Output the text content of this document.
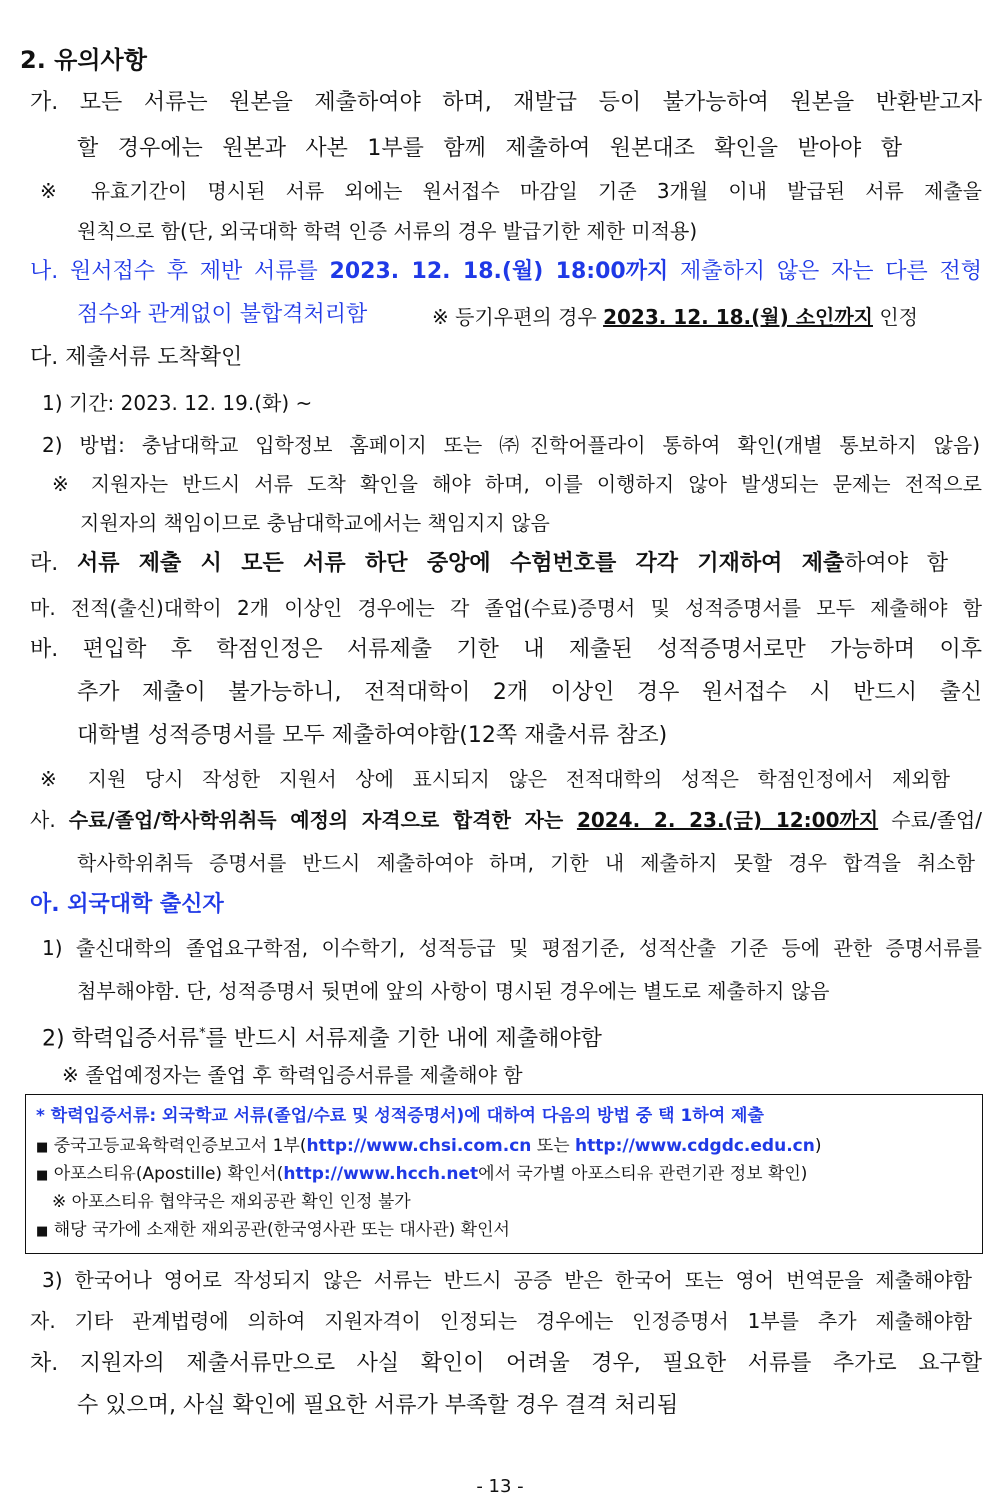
2. 유의사항
가. 모든 서류는 원본을 제출하여야 하며, 재발급 등이 불가능하여 원본을 반환받고자
할 경우에는 원본과 사본 1부를 함께 제출하여 원본대조 확인을 받아야 함
※ 유효기간이 명시된 서류 외에는 원서접수 마감일 기준 3개월 이내 발급된 서류 제출을
원칙으로 함(단, 외국대학 학력 인증 서류의 경우 발급기한 제한 미적용)
나. 원서접수 후 제반 서류를 2023. 12. 18.(월) 18:00까지 제출하지 않은 자는 다른 전형
점수와 관계없이 불합격처리함	※ 등기우편의 경우 2023. 12. 18.(월) 소인까지 인정
다. 제출서류 도착확인
1) 기간: 2023. 12. 19.(화) ~
2) 방법: 충남대학교 입학정보 홈페이지 또는 ㈜진학어플라이 통하여 확인(개별 통보하지 않음)
※ 지원자는 반드시 서류 도착 확인을 해야 하며, 이를 이행하지 않아 발생되는 문제는 전적으로
지원자의 책임이므로 충남대학교에서는 책임지지 않음
라. 서류 제출 시 모든 서류 하단 중앙에 수험번호를 각각 기재하여 제출하여야 함
마. 전적(출신)대학이 2개 이상인 경우에는 각 졸업(수료)증명서 및 성적증명서를 모두 제출해야 함
바. 편입학 후 학점인정은 서류제출 기한 내 제출된 성적증명서로만 가능하며 이후
추가 제출이 불가능하니, 전적대학이 2개 이상인 경우 원서접수 시 반드시 출신
대학별 성적증명서를 모두 제출하여야함(12쪽 재출서류 참조)
※ 지원 당시 작성한 지원서 상에 표시되지 않은 전적대학의 성적은 학점인정에서 제외함
사. 수료/졸업/학사학위취득 예정의 자격으로 합격한 자는 2024. 2. 23.(금) 12:00까지 수료/졸업/
학사학위취득 증명서를 반드시 제출하여야 하며, 기한 내 제출하지 못할 경우 합격을 취소함
아. 외국대학 출신자
1) 출신대학의 졸업요구학점, 이수학기, 성적등급 및 평점기준, 성적산출 기준 등에 관한 증명서류를
첨부해야함. 단, 성적증명서 뒷면에 앞의 사항이 명시된 경우에는 별도로 제출하지 않음
2) 학력입증서류*를 반드시 서류제출 기한 내에 제출해야함
※ 졸업예정자는 졸업 후 학력입증서류를 제출해야 함
* 학력입증서류: 외국학교 서류(졸업/수료 및 성적증명서)에 대하여 다음의 방법 중 택 1하여 제출
■ 중국고등교육학력인증보고서 1부(http://www.chsi.com.cn 또는 http://www.cdgdc.edu.cn)
■ 아포스티유(Apostille) 확인서(http://www.hcch.net에서 국가별 아포스티유 관련기관 정보 확인)
※ 아포스티유 협약국은 재외공관 확인 인정 불가
■ 해당 국가에 소재한 재외공관(한국영사관 또는 대사관) 확인서
3) 한국어나 영어로 작성되지 않은 서류는 반드시 공증 받은 한국어 또는 영어 번역문을 제출해야함
자. 기타 관계법령에 의하여 지원자격이 인정되는 경우에는 인정증명서 1부를 추가 제출해야함
차. 지원자의 제출서류만으로 사실 확인이 어려울 경우, 필요한 서류를 추가로 요구할
수 있으며, 사실 확인에 필요한 서류가 부족할 경우 결격 처리됨
- 13 -
